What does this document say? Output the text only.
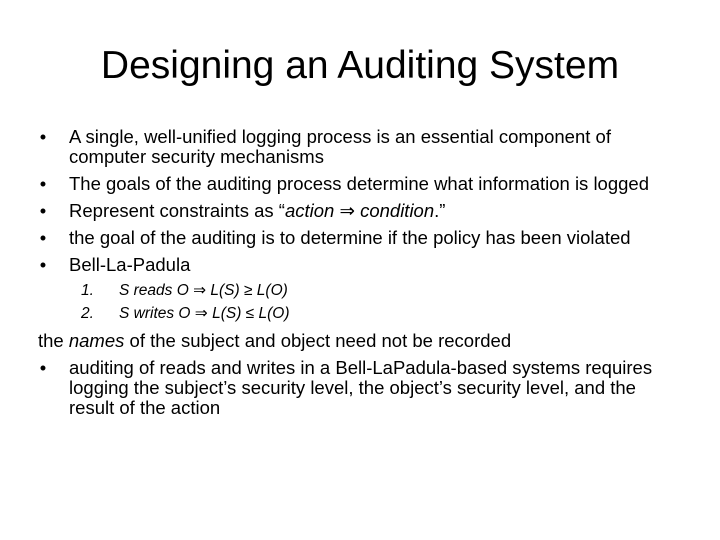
Designing an Auditing System
• A single, well-unified logging process is an essential component of computer security mechanisms
• The goals of the auditing process determine what information is logged
• Represent constraints as “action ⇒ condition.”
• the goal of the auditing is to determine if the policy has been violated
• Bell-La-Padula
1. S reads O ⇒ L(S) ≥ L(O)
2. S writes O ⇒ L(S) ≤ L(O)
the names of the subject and object need not be recorded
• auditing of reads and writes in a Bell-LaPadula-based systems requires logging the subject’s security level, the object’s security level, and the result of the action
